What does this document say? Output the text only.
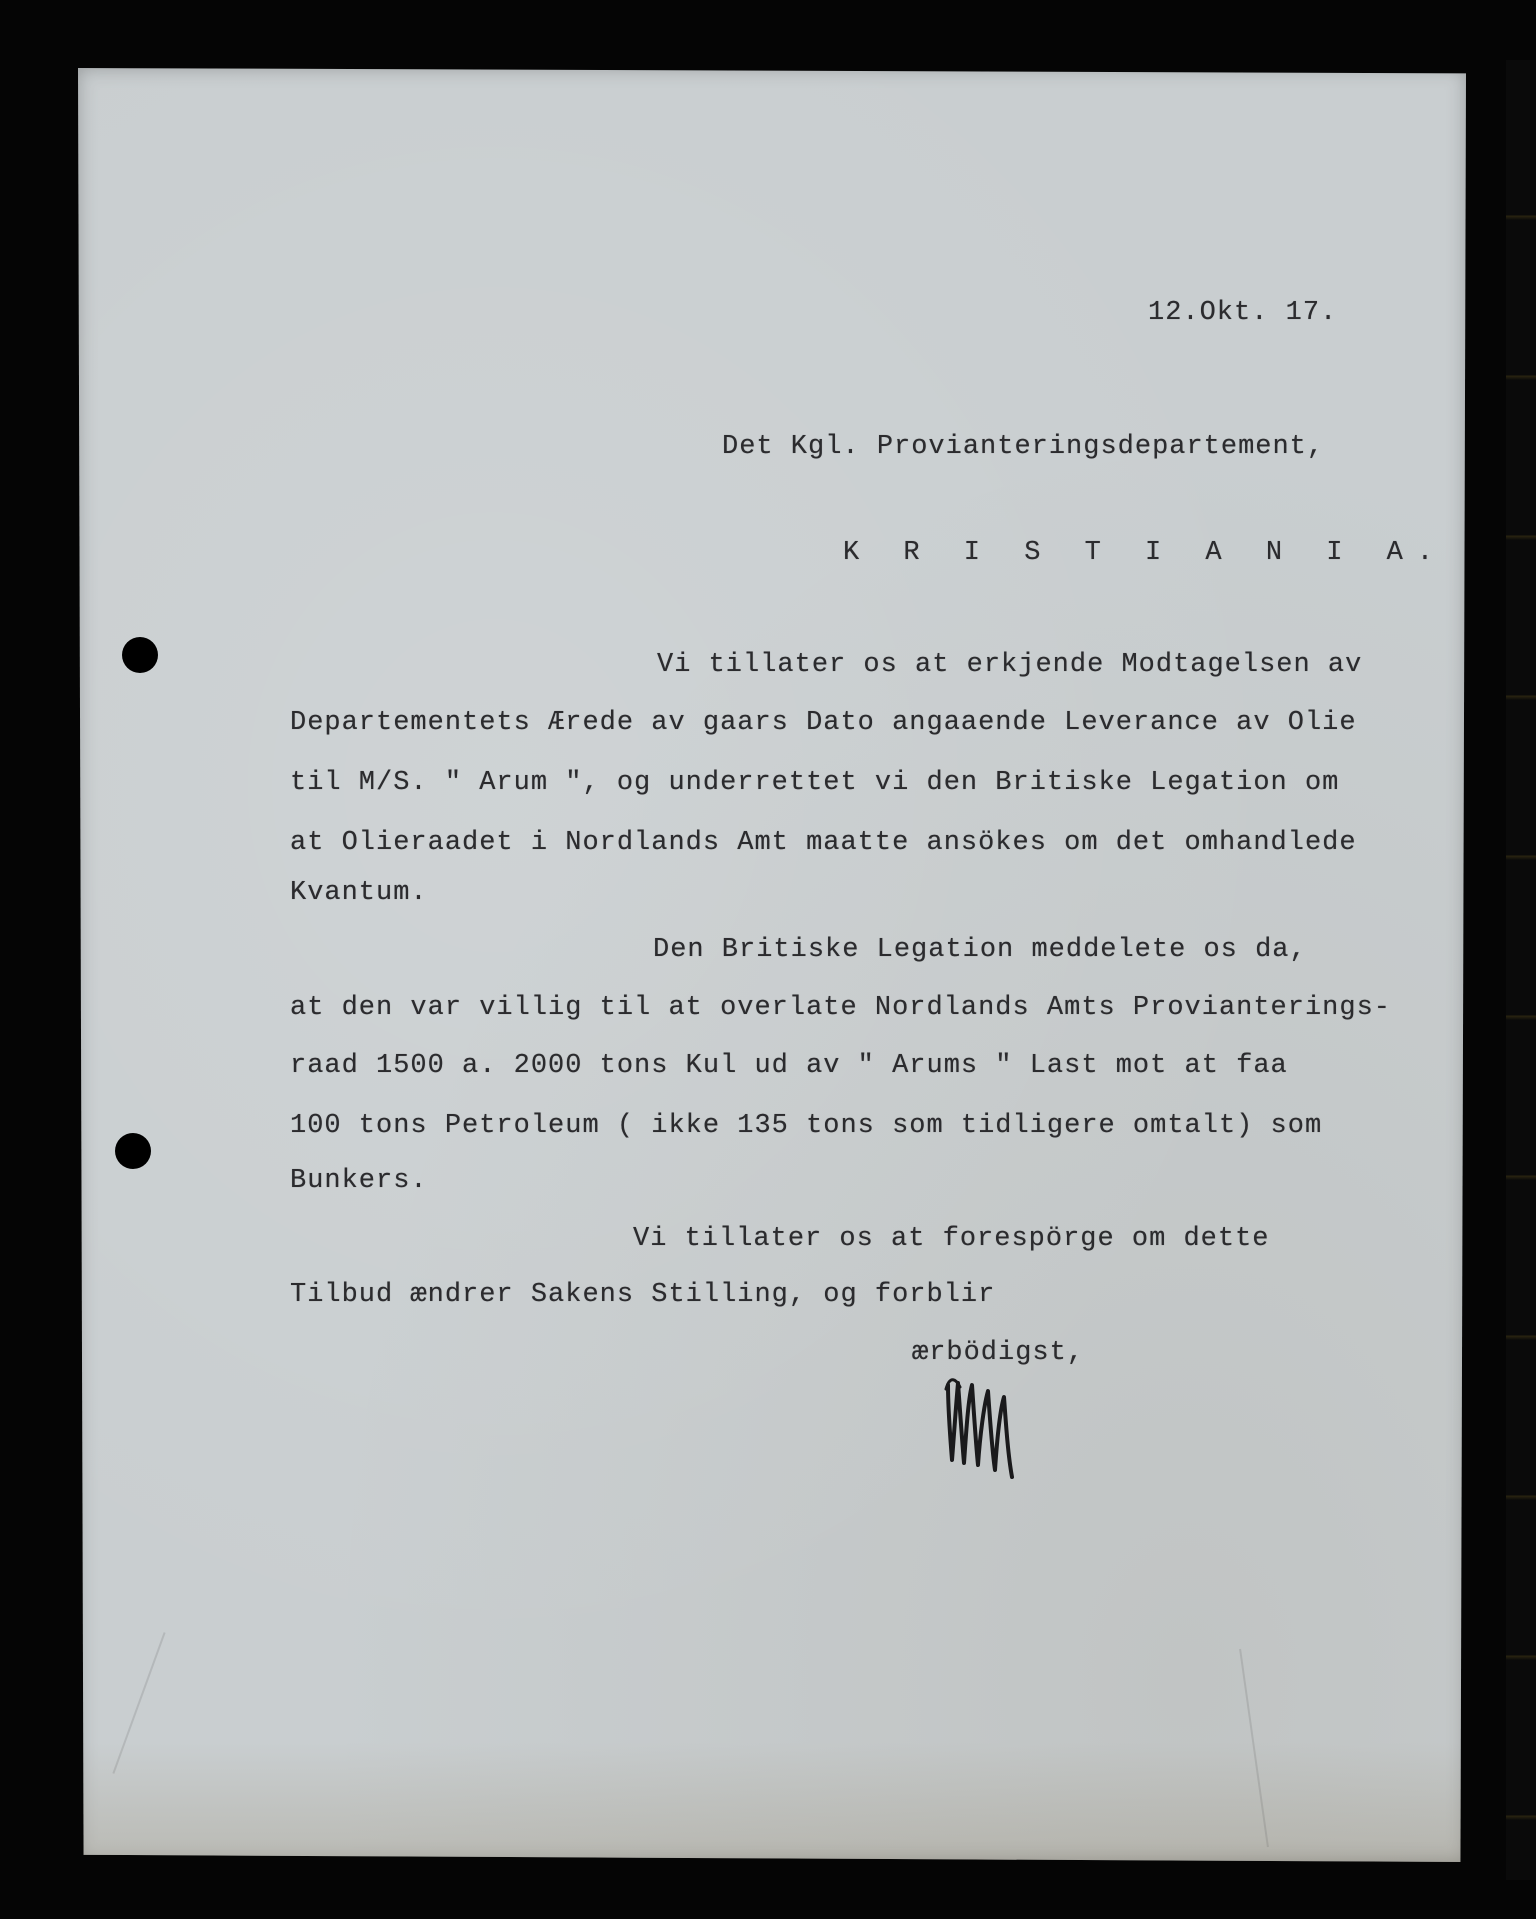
12.Okt. 17.
Det Kgl. Provianteringsdepartement,
K R I S T I A N I A.
Vi tillater os at erkjende Modtagelsen av
Departementets Ærede av gaars Dato angaaende Leverance av Olie
til M/S. " Arum ", og underrettet vi den Britiske Legation om
at Olieraadet i Nordlands Amt maatte ansökes om det omhandlede
Kvantum.
Den Britiske Legation meddelete os da,
at den var villig til at overlate Nordlands Amts Provianterings-
raad 1500 a. 2000 tons Kul ud av " Arums " Last mot at faa
100 tons Petroleum ( ikke 135 tons som tidligere omtalt) som
Bunkers.
Vi tillater os at forespörge om dette
Tilbud ændrer Sakens Stilling, og forblir
ærbödigst,
